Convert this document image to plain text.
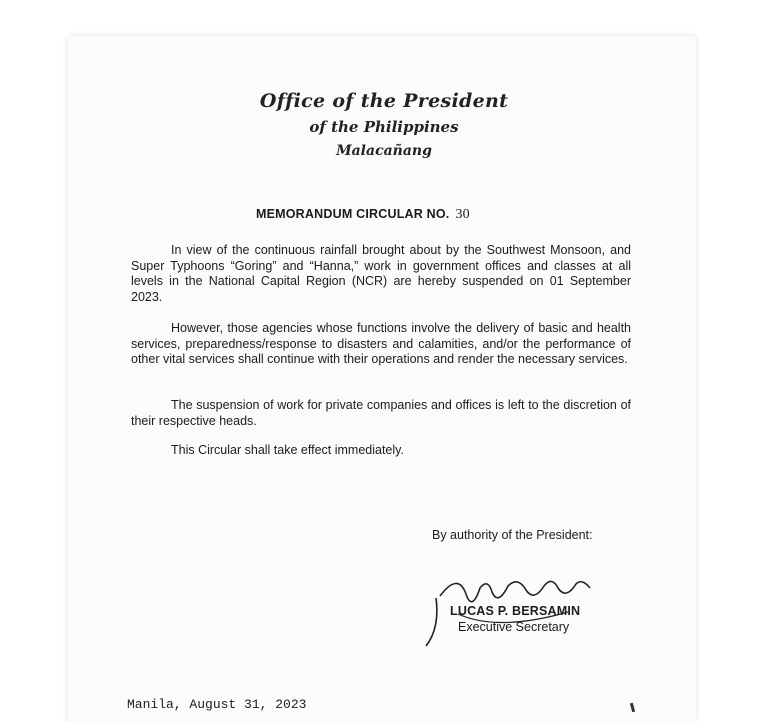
Office of the President
of the Philippines
Malacañang
MEMORANDUM CIRCULAR NO. 30

In view of the continuous rainfall brought about by the Southwest Monsoon, and Super Typhoons “Goring” and “Hanna,” work in government offices and classes at all levels in the National Capital Region (NCR) are hereby suspended on 01 September 2023.

However, those agencies whose functions involve the delivery of basic and health services, preparedness/response to disasters and calamities, and/or the performance of other vital services shall continue with their operations and render the necessary services.

The suspension of work for private companies and offices is left to the discretion of their respective heads.

This Circular shall take effect immediately.

By authority of the President:
LUCAS P. BERSAMIN
Executive Secretary
Manila, August 31, 2023
